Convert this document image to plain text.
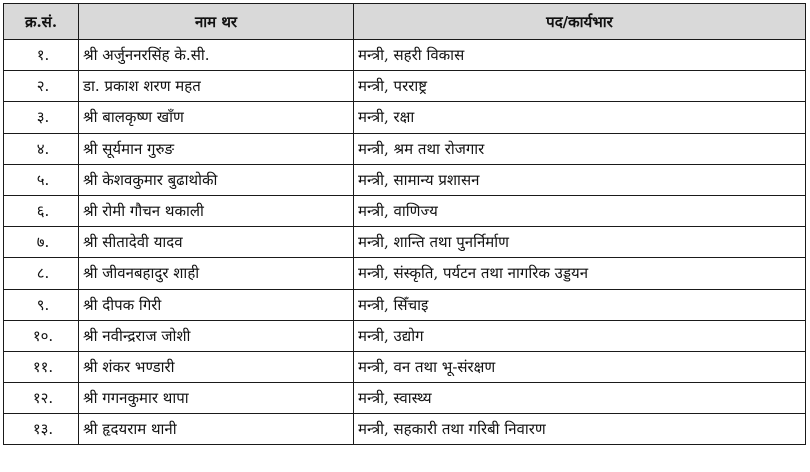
क्र.सं.	नाम थर	पद/कार्यभार
१.	श्री अर्जुननरसिंह के.सी.	मन्त्री, सहरी विकास
२.	डा. प्रकाश शरण महत	मन्त्री, परराष्ट्र
३.	श्री बालकृष्ण खाँण	मन्त्री, रक्षा
४.	श्री सूर्यमान गुरुङ	मन्त्री, श्रम तथा रोजगार
५.	श्री केशवकुमार बुढाथोकी	मन्त्री, सामान्य प्रशासन
६.	श्री रोमी गौचन थकाली	मन्त्री, वाणिज्य
७.	श्री सीतादेवी यादव	मन्त्री, शान्ति तथा पुनर्निर्माण
८.	श्री जीवनबहादुर शाही	मन्त्री, संस्कृति, पर्यटन तथा नागरिक उड्डयन
९.	श्री दीपक गिरी	मन्त्री, सिँचाइ
१०.	श्री नवीन्द्रराज जोशी	मन्त्री, उद्योग
११.	श्री शंकर भण्डारी	मन्त्री, वन तथा भू-संरक्षण
१२.	श्री गगनकुमार थापा	मन्त्री, स्वास्थ्य
१३.	श्री हृदयराम थानी	मन्त्री, सहकारी तथा गरिबी निवारण
